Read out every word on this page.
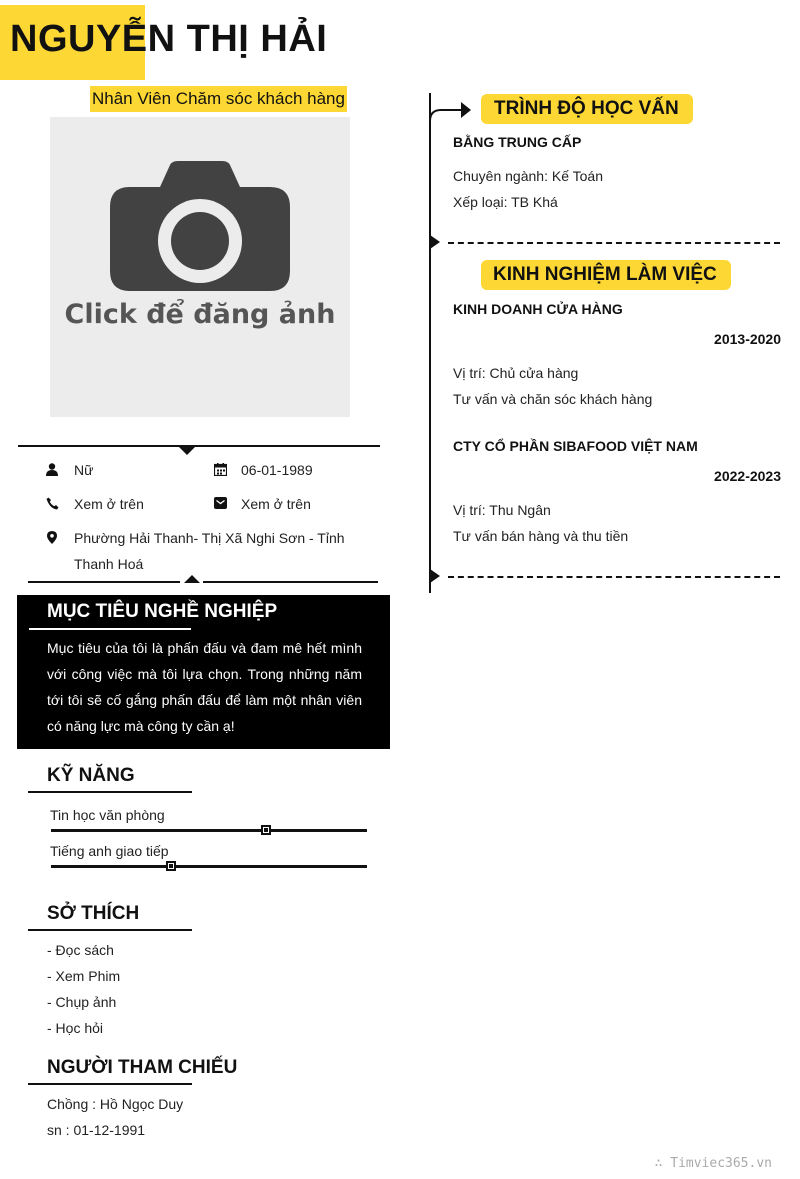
NGUYỄN THỊ HẢI
Nhân Viên Chăm sóc khách hàng
Click để đăng ảnh
Nữ	06-01-1989
Xem ở trên	Xem ở trên
Phường Hải Thanh- Thị Xã Nghi Sơn - Tỉnh Thanh Hoá
MỤC TIÊU NGHỀ NGHIỆP
Mục tiêu của tôi là phấn đấu và đam mê hết mình với công việc mà tôi lựa chọn. Trong những năm tới tôi sẽ cố gắng phấn đấu để làm một nhân viên có năng lực mà công ty cần ạ!
KỸ NĂNG
Tin học văn phòng
Tiếng anh giao tiếp
SỞ THÍCH
- Đọc sách
- Xem Phim
- Chụp ảnh
- Học hỏi
NGƯỜI THAM CHIẾU
Chồng : Hồ Ngọc Duy
sn : 01-12-1991
TRÌNH ĐỘ HỌC VẤN
BẰNG TRUNG CẤP
Chuyên ngành: Kế Toán
Xếp loại: TB Khá
KINH NGHIỆM LÀM VIỆC
KINH DOANH CỬA HÀNG
2013-2020
Vị trí: Chủ cửa hàng
Tư vấn và chăn sóc khách hàng
CTY CỔ PHẦN SIBAFOOD VIỆT NAM
2022-2023
Vị trí: Thu Ngân
Tư vấn bán hàng và thu tiền
∴ Timviec365.vn
